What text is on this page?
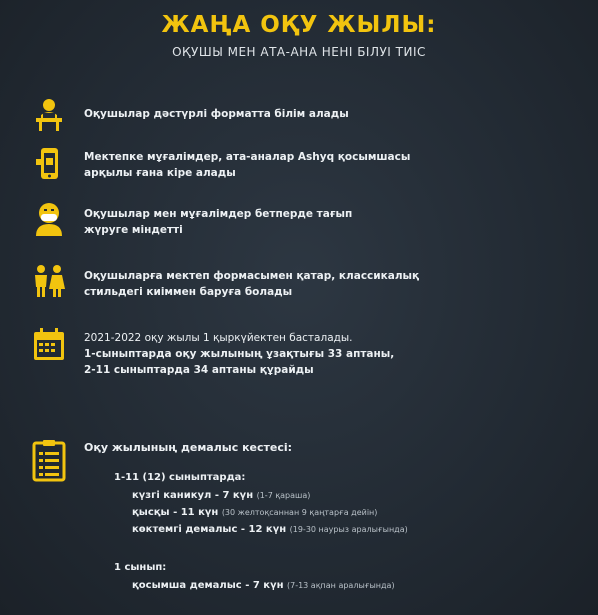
ЖАҢА ОҚУ ЖЫЛЫ:
ОҚУШЫ МЕН АТА-АНА НЕНІ БІЛУІ ТИІС
Оқушылар дәстүрлі форматта білім алады
Мектепке мұғалімдер, ата-аналар Ashyq қосымшасы
арқылы ғана кіре алады
Оқушылар мен мұғалімдер бетперде тағып
жүруге міндетті
Оқушыларға мектеп формасымен қатар, классикалық
стильдегі киіммен баруға болады
2021-2022 оқу жылы 1 қыркүйектен басталады.
1-сыныптарда оқу жылының ұзақтығы 33 аптаны,
2-11 сыныптарда 34 аптаны құрайды
Оқу жылының демалыс кестесі:
1-11 (12) сыныптарда:
күзгі каникул - 7 күн (1-7 қараша)
қысқы - 11 күн (30 желтоқсаннан 9 қаңтарға дейін)
көктемгі демалыс - 12 күн (19-30 наурыз аралығында)
1 сынып:
қосымша демалыс - 7 күн (7-13 ақпан аралығында)
